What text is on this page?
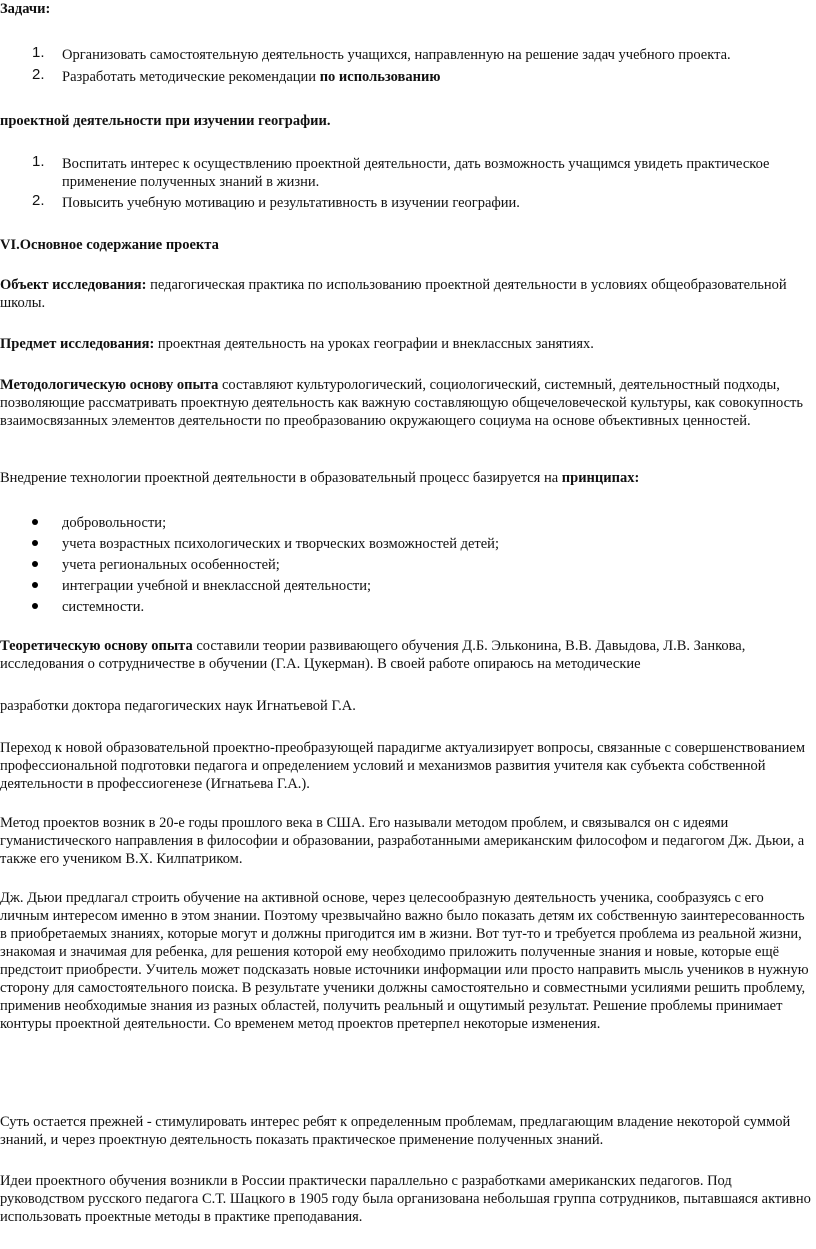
Задачи:

1. Организовать самостоятельную деятельность учащихся, направленную на решение задач учебного проекта.

2. Разработать методические рекомендации по использованию

проектной деятельности при изучении географии.

1. Воспитать интерес к осуществлению проектной деятельности, дать возможность учащимся увидеть практическое применение полученных знаний в жизни.

2. Повысить учебную мотивацию и результативность в изучении географии.

VI.Основное содержание проекта

Объект исследования: педагогическая практика по использованию проектной деятельности в условиях общеобразовательной школы.

Предмет исследования: проектная деятельность на уроках географии и внеклассных занятиях.

Методологическую основу опыта составляют культурологический, социологический, системный, деятельностный подходы, позволяющие рассматривать проектную деятельность как важную составляющую общечеловеческой культуры, как совокупность взаимосвязанных элементов деятельности по преобразованию окружающего социума на основе объективных ценностей.

Внедрение технологии проектной деятельности в образовательный процесс базируется на принципах:

добровольности;

учета возрастных психологических и творческих возможностей детей;

учета региональных особенностей;

интеграции учебной и внеклассной деятельности;

системности.

Теоретическую основу опыта составили теории развивающего обучения Д.Б. Эльконина, В.В. Давыдова, Л.В. Занкова, исследования о сотрудничестве в обучении (Г.А. Цукерман). В своей работе опираюсь на методические

разработки доктора педагогических наук Игнатьевой Г.А.

Переход к новой образовательной проектно-преобразующей парадигме актуализирует вопросы, связанные с совершенствованием профессиональной подготовки педагога и определением условий и механизмов развития учителя как субъекта собственной деятельности в профессиогенезе (Игнатьева Г.А.).

Метод проектов возник в 20-е годы прошлого века в США. Его называли методом проблем, и связывался он с идеями гуманистического направления в философии и образовании, разработанными американским философом и педагогом Дж. Дьюи, а также его учеником В.Х. Килпатриком.

Дж. Дьюи предлагал строить обучение на активной основе, через целесообразную деятельность ученика, сообразуясь с его личным интересом именно в этом знании. Поэтому чрезвычайно важно было показать детям их собственную заинтересованность в приобретаемых знаниях, которые могут и должны пригодится им в жизни. Вот тут-то и требуется проблема из реальной жизни, знакомая и значимая для ребенка, для решения которой ему необходимо приложить полученные знания и новые, которые ещё предстоит приобрести. Учитель может подсказать новые источники информации или просто направить мысль учеников в нужную сторону для самостоятельного поиска. В результате ученики должны самостоятельно и совместными усилиями решить проблему, применив необходимые знания из разных областей, получить реальный и ощутимый результат. Решение проблемы принимает контуры проектной деятельности. Со временем метод проектов претерпел некоторые изменения.

Суть остается прежней - стимулировать интерес ребят к определенным проблемам, предлагающим владение некоторой суммой знаний, и через проектную деятельность показать практическое применение полученных знаний.

Идеи проектного обучения возникли в России практически параллельно с разработками американских педагогов. Под руководством русского педагога С.Т. Шацкого в 1905 году была организована небольшая группа сотрудников, пытавшаяся активно использовать проектные методы в практике преподавания.
